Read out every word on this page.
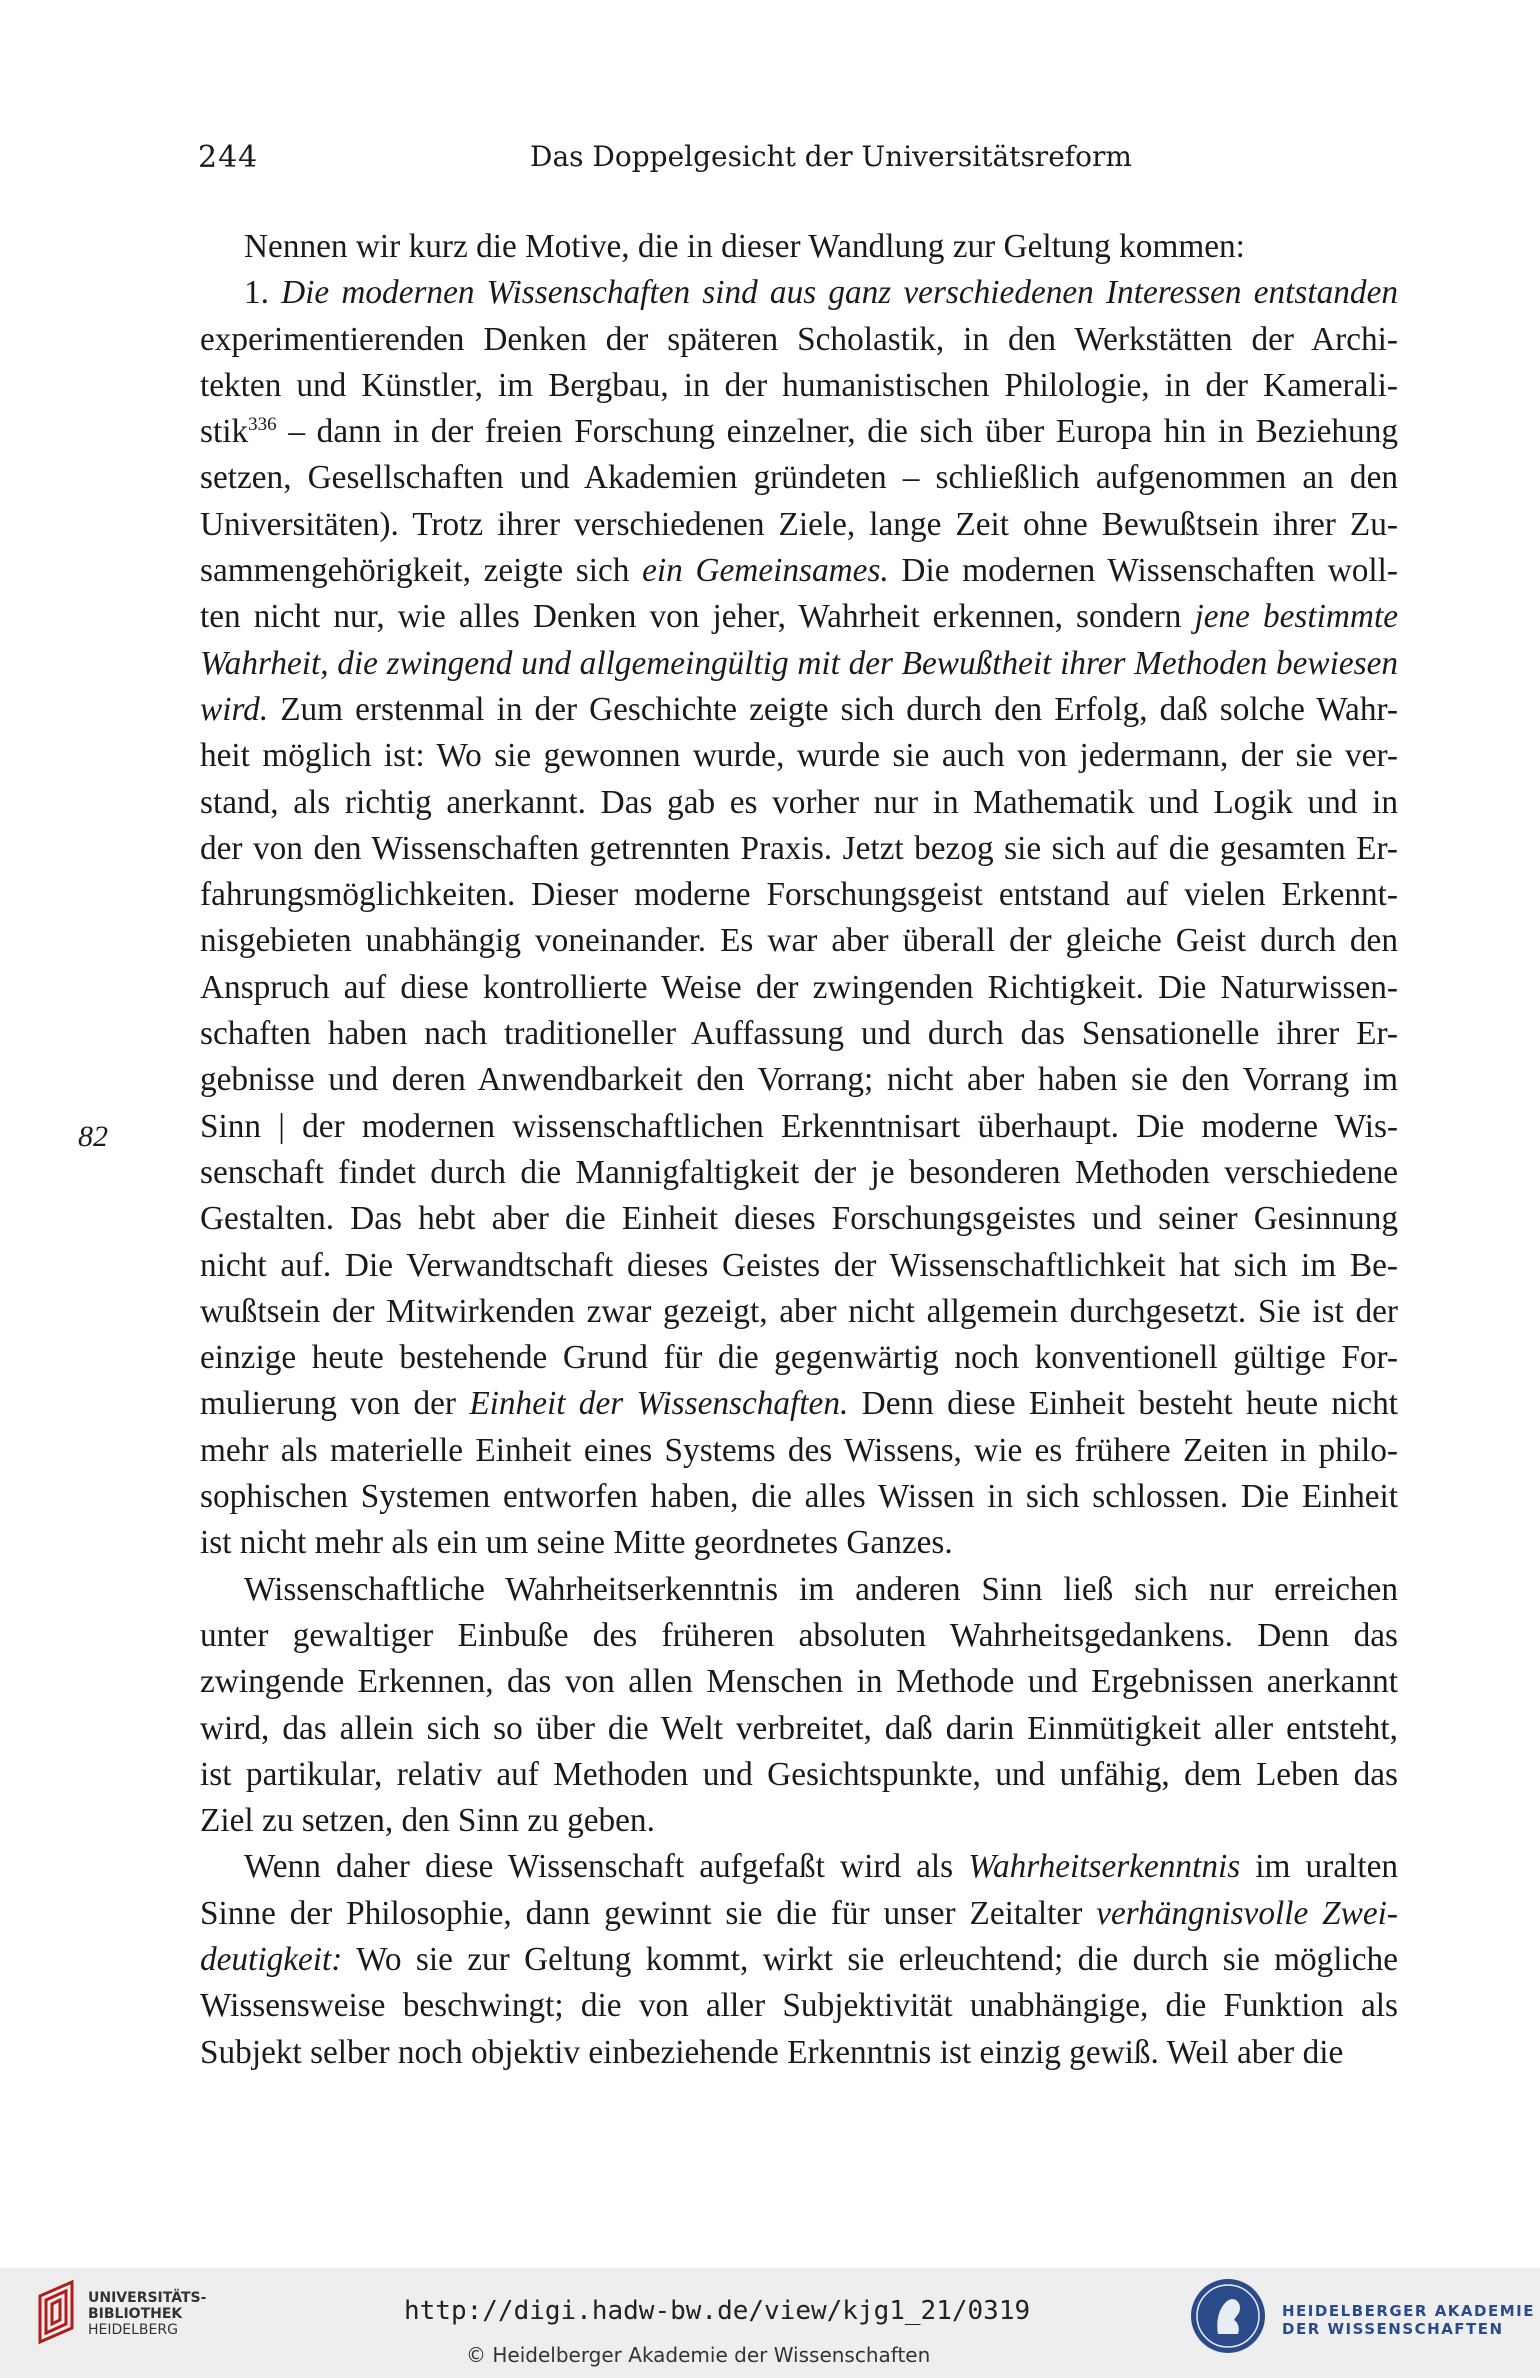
244	Das Doppelgesicht der Universitätsreform
82
Nennen wir kurz die Motive, die in dieser Wandlung zur Geltung kommen:
1. Die modernen Wissenschaften sind aus ganz verschiedenen Interessen entstanden
experimentierenden Denken der späteren Scholastik, in den Werkstätten der Archi-
tekten und Künstler, im Bergbau, in der humanistischen Philologie, in der Kamerali-
stik$^{336}$ – dann in der freien Forschung einzelner, die sich über Europa hin in Beziehung
setzen, Gesellschaften und Akademien gründeten – schließlich aufgenommen an den
Universitäten). Trotz ihrer verschiedenen Ziele, lange Zeit ohne Bewußtsein ihrer Zu-
sammengehörigkeit, zeigte sich ein Gemeinsames. Die modernen Wissenschaften woll-
ten nicht nur, wie alles Denken von jeher, Wahrheit erkennen, sondern jene bestimmte
Wahrheit, die zwingend und allgemeingültig mit der Bewußtheit ihrer Methoden bewiesen
wird. Zum erstenmal in der Geschichte zeigte sich durch den Erfolg, daß solche Wahr-
heit möglich ist: Wo sie gewonnen wurde, wurde sie auch von jedermann, der sie ver-
stand, als richtig anerkannt. Das gab es vorher nur in Mathematik und Logik und in
der von den Wissenschaften getrennten Praxis. Jetzt bezog sie sich auf die gesamten Er-
fahrungsmöglichkeiten. Dieser moderne Forschungsgeist entstand auf vielen Erkennt-
nisgebieten unabhängig voneinander. Es war aber überall der gleiche Geist durch den
Anspruch auf diese kontrollierte Weise der zwingenden Richtigkeit. Die Naturwissen-
schaften haben nach traditioneller Auffassung und durch das Sensationelle ihrer Er-
gebnisse und deren Anwendbarkeit den Vorrang; nicht aber haben sie den Vorrang im
Sinn | der modernen wissenschaftlichen Erkenntnisart überhaupt. Die moderne Wis-
senschaft findet durch die Mannigfaltigkeit der je besonderen Methoden verschiedene
Gestalten. Das hebt aber die Einheit dieses Forschungsgeistes und seiner Gesinnung
nicht auf. Die Verwandtschaft dieses Geistes der Wissenschaftlichkeit hat sich im Be-
wußtsein der Mitwirkenden zwar gezeigt, aber nicht allgemein durchgesetzt. Sie ist der
einzige heute bestehende Grund für die gegenwärtig noch konventionell gültige For-
mulierung von der Einheit der Wissenschaften. Denn diese Einheit besteht heute nicht
mehr als materielle Einheit eines Systems des Wissens, wie es frühere Zeiten in philo-
sophischen Systemen entworfen haben, die alles Wissen in sich schlossen. Die Einheit
ist nicht mehr als ein um seine Mitte geordnetes Ganzes.
Wissenschaftliche Wahrheitserkenntnis im anderen Sinn ließ sich nur erreichen
unter gewaltiger Einbuße des früheren absoluten Wahrheitsgedankens. Denn das
zwingende Erkennen, das von allen Menschen in Methode und Ergebnissen anerkannt
wird, das allein sich so über die Welt verbreitet, daß darin Einmütigkeit aller entsteht,
ist partikular, relativ auf Methoden und Gesichtspunkte, und unfähig, dem Leben das
Ziel zu setzen, den Sinn zu geben.
Wenn daher diese Wissenschaft aufgefaßt wird als Wahrheitserkenntnis im uralten
Sinne der Philosophie, dann gewinnt sie die für unser Zeitalter verhängnisvolle Zwei-
deutigkeit: Wo sie zur Geltung kommt, wirkt sie erleuchtend; die durch sie mögliche
Wissensweise beschwingt; die von aller Subjektivität unabhängige, die Funktion als
Subjekt selber noch objektiv einbeziehende Erkenntnis ist einzig gewiß. Weil aber die
UNIVERSITÄTS-
BIBLIOTHEK
HEIDELBERG
http://digi.hadw-bw.de/view/kjg1_21/0319
© Heidelberger Akademie der Wissenschaften
HEIDELBERGER AKADEMIE
DER WISSENSCHAFTEN
